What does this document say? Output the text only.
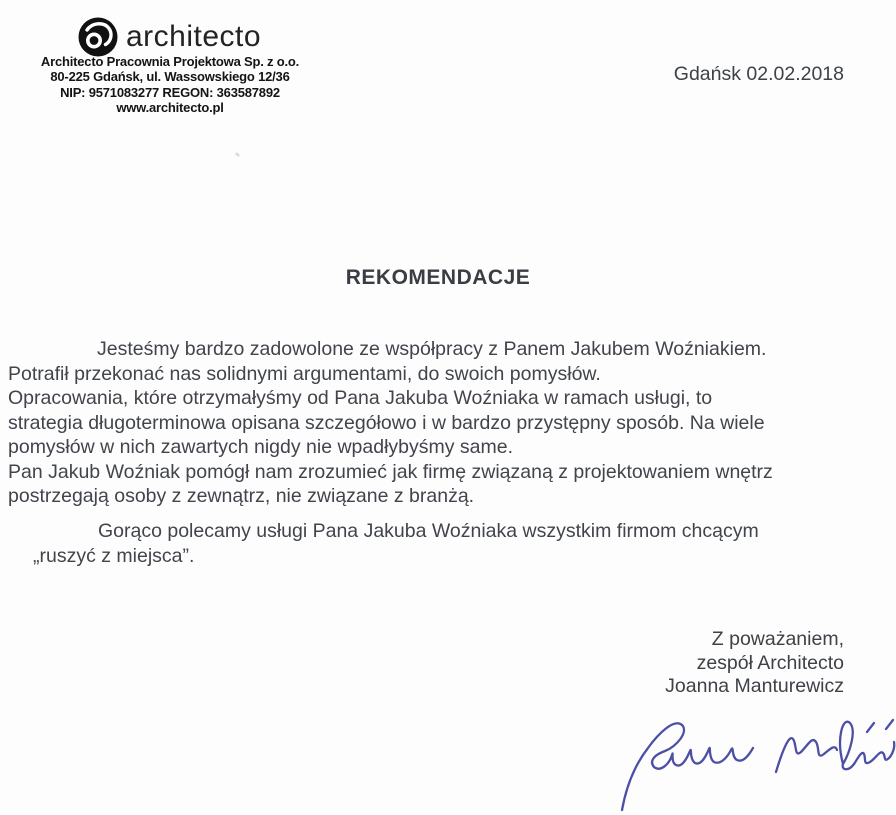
architecto
Architecto Pracownia Projektowa Sp. z o.o.
80-225 Gdańsk, ul. Wassowskiego 12/36
NIP: 9571083277 REGON: 363587892
www.architecto.pl
Gdańsk 02.02.2018
REKOMENDACJE
Jesteśmy bardzo zadowolone ze współpracy z Panem Jakubem Woźniakiem.
Potrafił przekonać nas solidnymi argumentami, do swoich pomysłów.
Opracowania, które otrzymałyśmy od Pana Jakuba Woźniaka w ramach usługi, to
strategia długoterminowa opisana szczegółowo i w bardzo przystępny sposób. Na wiele
pomysłów w nich zawartych nigdy nie wpadłybyśmy same.
Pan Jakub Woźniak pomógł nam zrozumieć jak firmę związaną z projektowaniem wnętrz
postrzegają osoby z zewnątrz, nie związane z branżą.
Gorąco polecamy usługi Pana Jakuba Woźniaka wszystkim firmom chcącym
„ruszyć z miejsca”.
Z poważaniem,
zespół Architecto
Joanna Manturewicz
